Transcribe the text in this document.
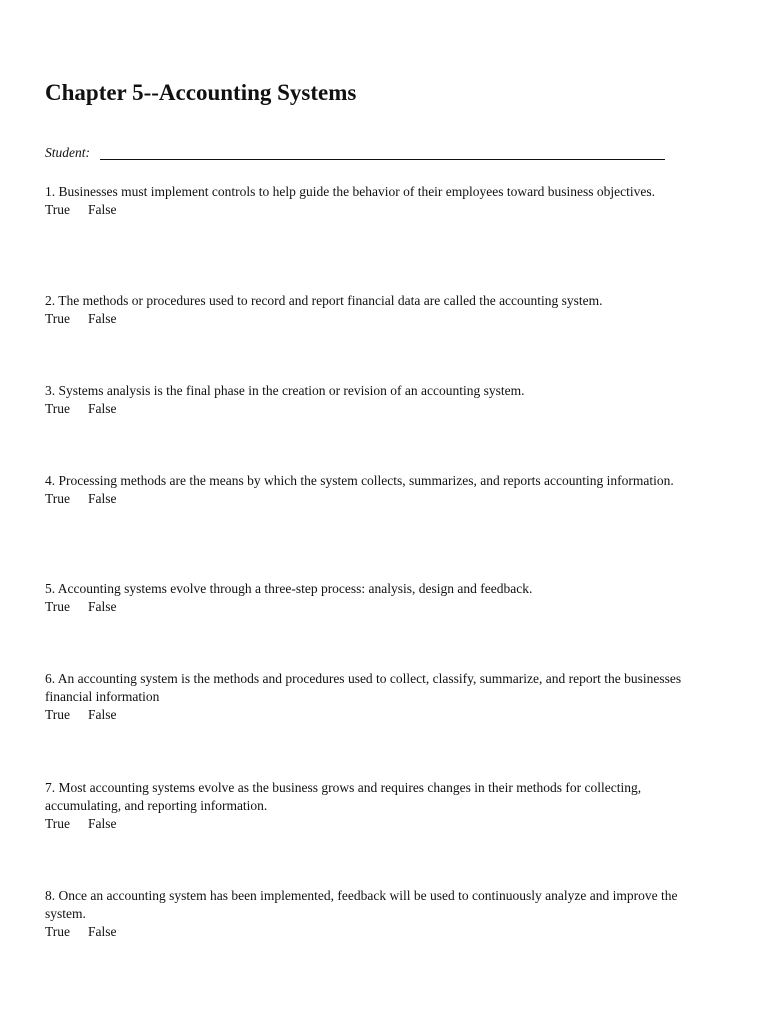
Chapter 5--Accounting Systems
Student:
1. Businesses must implement controls to help guide the behavior of their employees toward business objectives.
True False
2. The methods or procedures used to record and report financial data are called the accounting system.
True False
3. Systems analysis is the final phase in the creation or revision of an accounting system.
True False
4. Processing methods are the means by which the system collects, summarizes, and reports accounting information.
True False
5. Accounting systems evolve through a three-step process: analysis, design and feedback.
True False
6. An accounting system is the methods and procedures used to collect, classify, summarize, and report the businesses financial information
True False
7. Most accounting systems evolve as the business grows and requires changes in their methods for collecting, accumulating, and reporting information.
True False
8. Once an accounting system has been implemented, feedback will be used to continuously analyze and improve the system.
True False
